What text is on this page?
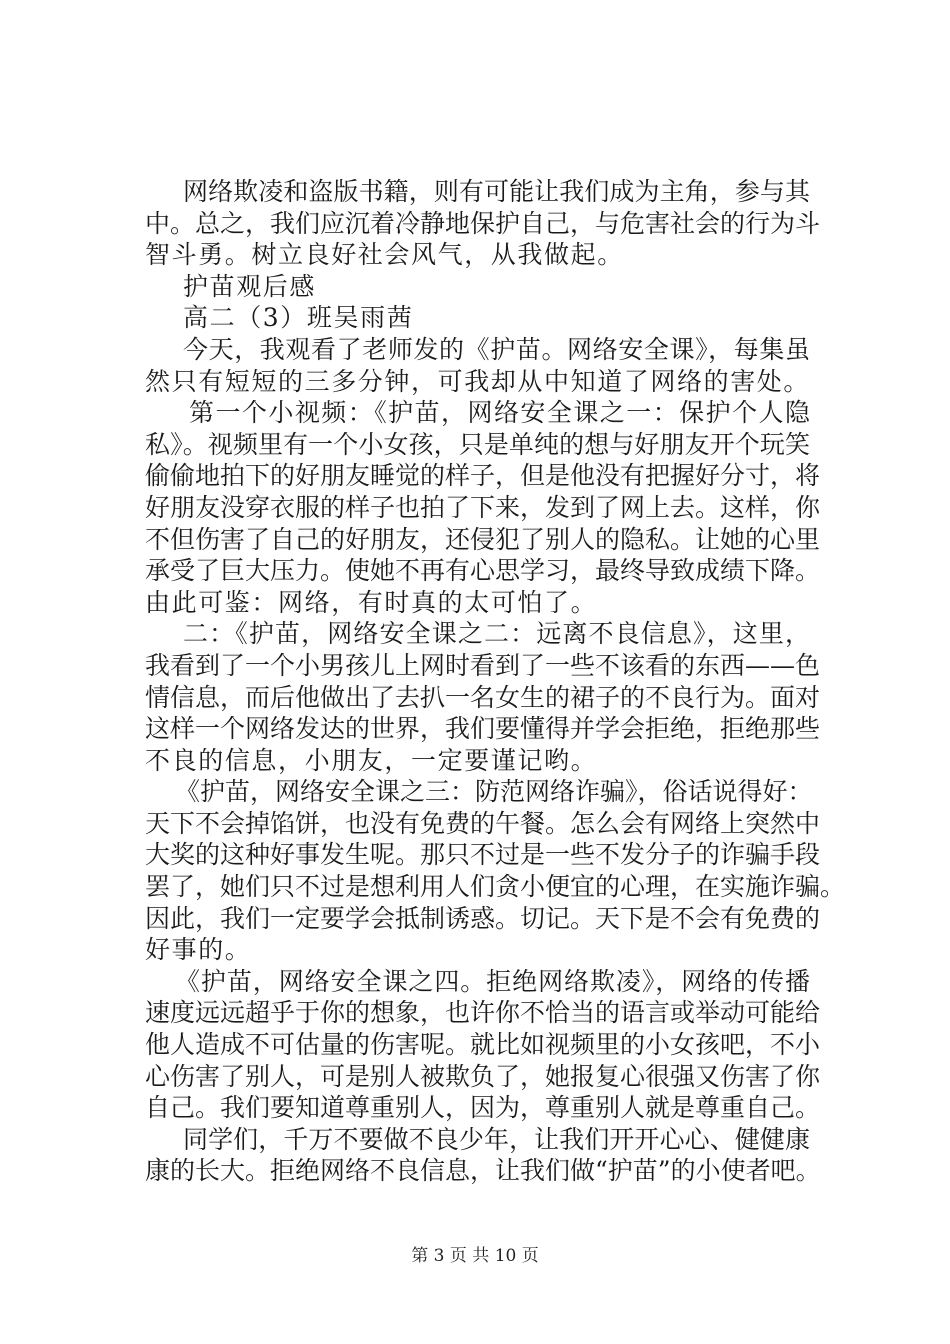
网络欺凌和盗版书籍，则有可能让我们成为主角，参与其
中。总之，我们应沉着冷静地保护自己，与危害社会的行为斗
智斗勇。树立良好社会风气，从我做起。
护苗观后感
高二（3）班吴雨茜
今天，我观看了老师发的《护苗。网络安全课》，每集虽
然只有短短的三多分钟，可我却从中知道了网络的害处。
第一个小视频：《护苗，网络安全课之一：保护个人隐
私》。视频里有一个小女孩，只是单纯的想与好朋友开个玩笑
偷偷地拍下的好朋友睡觉的样子，但是他没有把握好分寸，将
好朋友没穿衣服的样子也拍了下来，发到了网上去。这样，你
不但伤害了自己的好朋友，还侵犯了别人的隐私。让她的心里
承受了巨大压力。使她不再有心思学习，最终导致成绩下降。
由此可鉴：网络，有时真的太可怕了。
二：《护苗，网络安全课之二：远离不良信息》，这里，
我看到了一个小男孩儿上网时看到了一些不该看的东西——色
情信息，而后他做出了去扒一名女生的裙子的不良行为。面对
这样一个网络发达的世界，我们要懂得并学会拒绝，拒绝那些
不良的信息，小朋友，一定要谨记哟。
《护苗，网络安全课之三：防范网络诈骗》，俗话说得好：
天下不会掉馅饼，也没有免费的午餐。怎么会有网络上突然中
大奖的这种好事发生呢。那只不过是一些不发分子的诈骗手段
罢了，她们只不过是想利用人们贪小便宜的心理，在实施诈骗。
因此，我们一定要学会抵制诱惑。切记。天下是不会有免费的
好事的。
《护苗，网络安全课之四。拒绝网络欺凌》，网络的传播
速度远远超乎于你的想象，也许你不恰当的语言或举动可能给
他人造成不可估量的伤害呢。就比如视频里的小女孩吧，不小
心伤害了别人，可是别人被欺负了，她报复心很强又伤害了你
自己。我们要知道尊重别人，因为，尊重别人就是尊重自己。
同学们，千万不要做不良少年，让我们开开心心、健健康
康的长大。拒绝网络不良信息，让我们做“护苗”的小使者吧。
第 3 页 共 10 页
